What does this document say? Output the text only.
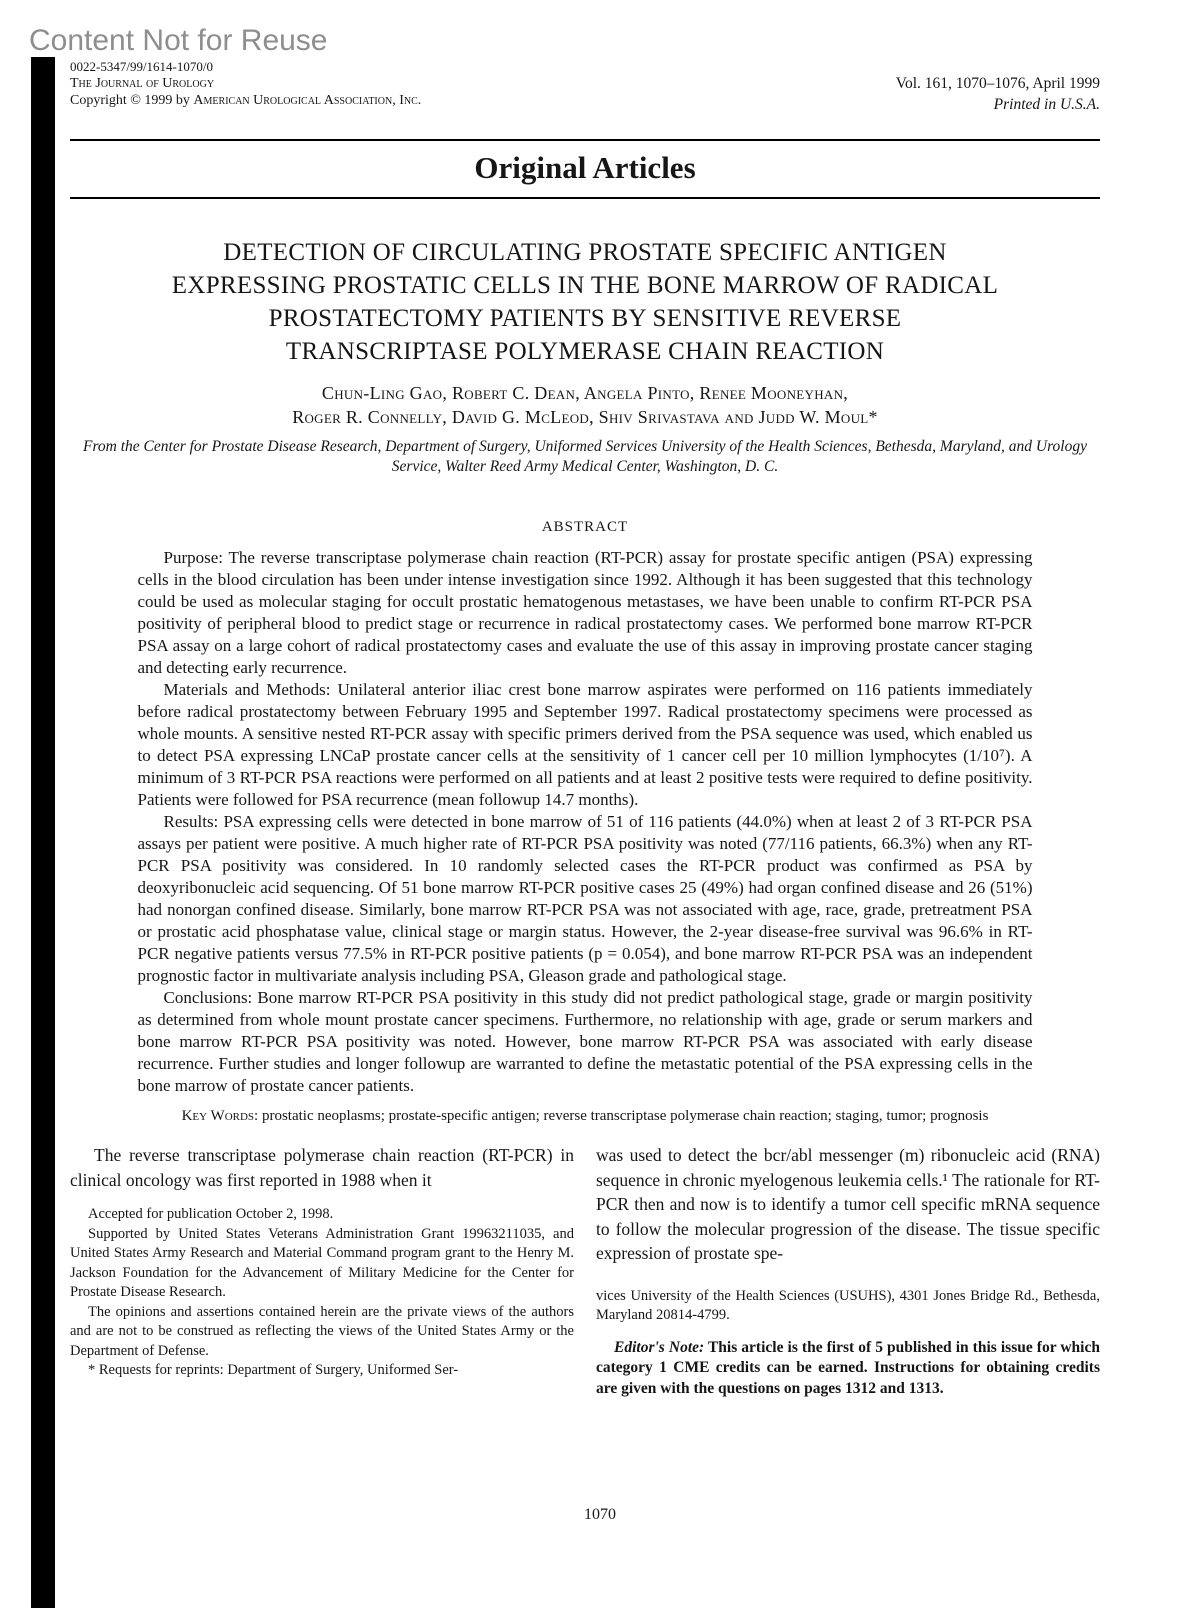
Content Not for Reuse
0022-5347/99/1614-1070/0
The Journal of Urology
Copyright © 1999 by American Urological Association, Inc.
Vol. 161, 1070–1076, April 1999
Printed in U.S.A.
Original Articles
DETECTION OF CIRCULATING PROSTATE SPECIFIC ANTIGEN
EXPRESSING PROSTATIC CELLS IN THE BONE MARROW OF RADICAL
PROSTATECTOMY PATIENTS BY SENSITIVE REVERSE
TRANSCRIPTASE POLYMERASE CHAIN REACTION
Chun-Ling Gao, Robert C. Dean, Angela Pinto, Renee Mooneyhan,
Roger R. Connelly, David G. McLeod, Shiv Srivastava and Judd W. Moul*
From the Center for Prostate Disease Research, Department of Surgery, Uniformed Services University of the Health Sciences, Bethesda, Maryland, and Urology Service, Walter Reed Army Medical Center, Washington, D. C.
ABSTRACT

Purpose: The reverse transcriptase polymerase chain reaction (RT-PCR) assay for prostate specific antigen (PSA) expressing cells in the blood circulation has been under intense investigation since 1992. Although it has been suggested that this technology could be used as molecular staging for occult prostatic hematogenous metastases, we have been unable to confirm RT-PCR PSA positivity of peripheral blood to predict stage or recurrence in radical prostatectomy cases. We performed bone marrow RT-PCR PSA assay on a large cohort of radical prostatectomy cases and evaluate the use of this assay in improving prostate cancer staging and detecting early recurrence.

Materials and Methods: Unilateral anterior iliac crest bone marrow aspirates were performed on 116 patients immediately before radical prostatectomy between February 1995 and September 1997. Radical prostatectomy specimens were processed as whole mounts. A sensitive nested RT-PCR assay with specific primers derived from the PSA sequence was used, which enabled us to detect PSA expressing LNCaP prostate cancer cells at the sensitivity of 1 cancer cell per 10 million lymphocytes (1/10⁷). A minimum of 3 RT-PCR PSA reactions were performed on all patients and at least 2 positive tests were required to define positivity. Patients were followed for PSA recurrence (mean followup 14.7 months).

Results: PSA expressing cells were detected in bone marrow of 51 of 116 patients (44.0%) when at least 2 of 3 RT-PCR PSA assays per patient were positive. A much higher rate of RT-PCR PSA positivity was noted (77/116 patients, 66.3%) when any RT-PCR PSA positivity was considered. In 10 randomly selected cases the RT-PCR product was confirmed as PSA by deoxyribonucleic acid sequencing. Of 51 bone marrow RT-PCR positive cases 25 (49%) had organ confined disease and 26 (51%) had nonorgan confined disease. Similarly, bone marrow RT-PCR PSA was not associated with age, race, grade, pretreatment PSA or prostatic acid phosphatase value, clinical stage or margin status. However, the 2-year disease-free survival was 96.6% in RT-PCR negative patients versus 77.5% in RT-PCR positive patients (p = 0.054), and bone marrow RT-PCR PSA was an independent prognostic factor in multivariate analysis including PSA, Gleason grade and pathological stage.

Conclusions: Bone marrow RT-PCR PSA positivity in this study did not predict pathological stage, grade or margin positivity as determined from whole mount prostate cancer specimens. Furthermore, no relationship with age, grade or serum markers and bone marrow RT-PCR PSA positivity was noted. However, bone marrow RT-PCR PSA was associated with early disease recurrence. Further studies and longer followup are warranted to define the metastatic potential of the PSA expressing cells in the bone marrow of prostate cancer patients.

Key Words: prostatic neoplasms; prostate-specific antigen; reverse transcriptase polymerase chain reaction; staging, tumor; prognosis

The reverse transcriptase polymerase chain reaction (RT-PCR) in clinical oncology was first reported in 1988 when it

Accepted for publication October 2, 1998.

Supported by United States Veterans Administration Grant 19963211035, and United States Army Research and Material Command program grant to the Henry M. Jackson Foundation for the Advancement of Military Medicine for the Center for Prostate Disease Research.

The opinions and assertions contained herein are the private views of the authors and are not to be construed as reflecting the views of the United States Army or the Department of Defense.

* Requests for reprints: Department of Surgery, Uniformed Ser-

was used to detect the bcr/abl messenger (m) ribonucleic acid (RNA) sequence in chronic myelogenous leukemia cells.¹ The rationale for RT-PCR then and now is to identify a tumor cell specific mRNA sequence to follow the molecular progression of the disease. The tissue specific expression of prostate spe-

vices University of the Health Sciences (USUHS), 4301 Jones Bridge Rd., Bethesda, Maryland 20814-4799.

Editor's Note: This article is the first of 5 published in this issue for which category 1 CME credits can be earned. Instructions for obtaining credits are given with the questions on pages 1312 and 1313.

1070
